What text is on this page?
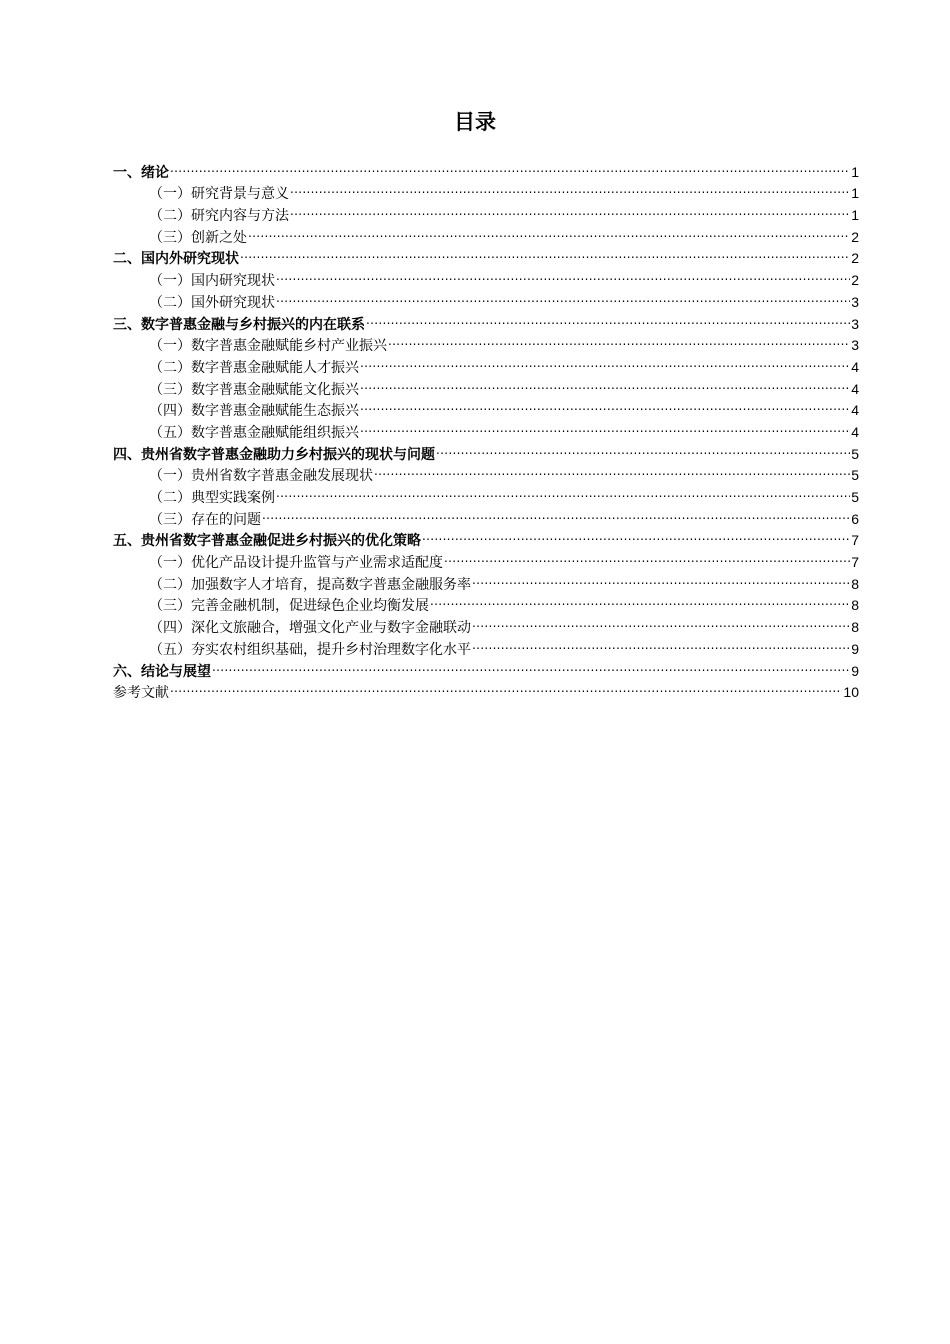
目录
一、绪论 .....	1
（一）研究背景与意义 .....	1
（二）研究内容与方法 .....	1
（三）创新之处 .....	2
二、国内外研究现状 .....	2
（一）国内研究现状 .....	2
（二）国外研究现状 .....	3
三、数字普惠金融与乡村振兴的内在联系 .....	3
（一）数字普惠金融赋能乡村产业振兴 .....	3
（二）数字普惠金融赋能人才振兴 .....	4
（三）数字普惠金融赋能文化振兴 .....	4
（四）数字普惠金融赋能生态振兴 .....	4
（五）数字普惠金融赋能组织振兴 .....	4
四、贵州省数字普惠金融助力乡村振兴的现状与问题 .....	5
（一）贵州省数字普惠金融发展现状 .....	5
（二）典型实践案例 .....	5
（三）存在的问题 .....	6
五、贵州省数字普惠金融促进乡村振兴的优化策略 .....	7
（一）优化产品设计提升监管与产业需求适配度 .....	7
（二）加强数字人才培育，提高数字普惠金融服务率 .....	8
（三）完善金融机制，促进绿色企业均衡发展 .....	8
（四）深化文旅融合，增强文化产业与数字金融联动 .....	8
（五）夯实农村组织基础，提升乡村治理数字化水平 .....	9
六、结论与展望 .....	9
参考文献 .....	10
